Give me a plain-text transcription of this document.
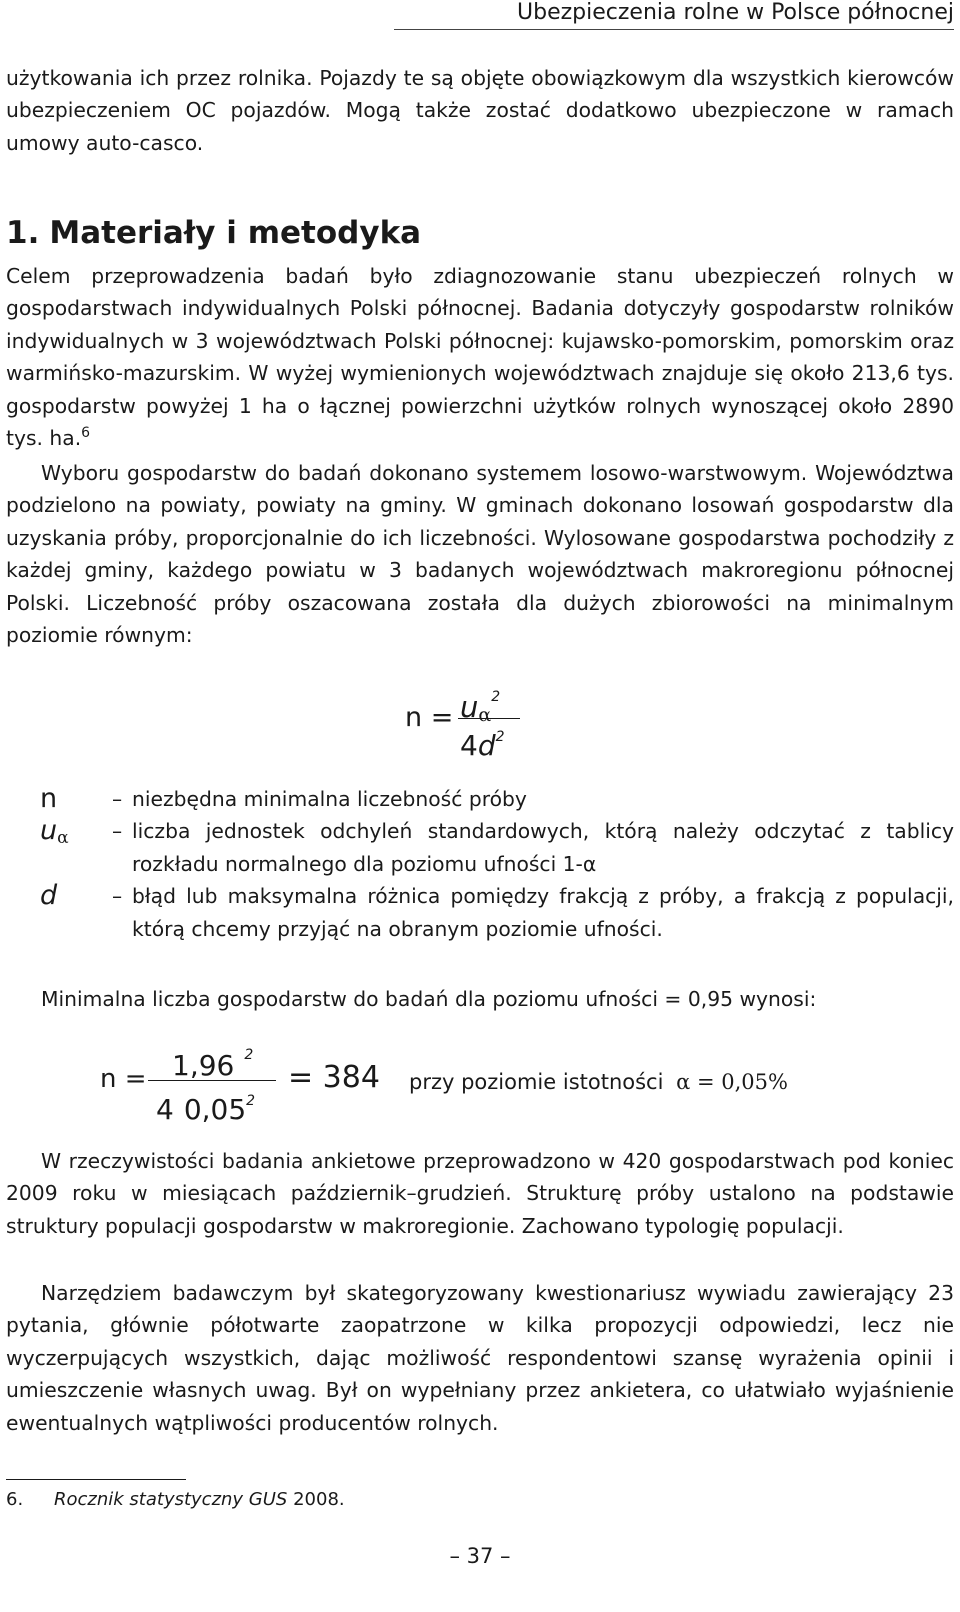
Ubezpieczenia rolne w Polsce północnej

użytkowania ich przez rolnika. Pojazdy te są objęte obowiązkowym dla wszystkich kierowców ubezpieczeniem OC pojazdów. Mogą także zostać dodatkowo ubezpieczone w ramach umowy auto-casco.

1. Materiały i metodyka

Celem przeprowadzenia badań było zdiagnozowanie stanu ubezpieczeń rolnych w gospodarstwach indywidualnych Polski północnej. Badania dotyczyły gospodarstw rolników indywidualnych w 3 województwach Polski północnej: kujawsko-pomorskim, pomorskim oraz warmińsko-mazurskim. W wyżej wymienionych województwach znajduje się około 213,6 tys. gospodarstw powyżej 1 ha o łącznej powierzchni użytków rolnych wynoszącej około 2890 tys. ha.$^6$

Wyboru gospodarstw do badań dokonano systemem losowo-warstwowym. Województwa podzielono na powiaty, powiaty na gminy. W gminach dokonano losowań gospodarstw dla uzyskania próby, proporcjonalnie do ich liczebności. Wylosowane gospodarstwa pochodziły z każdej gminy, każdego powiatu w 3 badanych województwach makroregionu północnej Polski. Liczebność próby oszacowana została dla dużych zbiorowości na minimalnym poziomie równym:

$n = u_\alpha^2$
$4d^2$
n	– niezbędna minimalna liczebność próby
$u_\alpha$ – liczba jednostek odchyleń standardowych, którą należy odczytać z tablicy rozkładu normalnego dla poziomu ufności 1-α
d	– błąd lub maksymalna różnica pomiędzy frakcją z próby, a frakcją z populacji, którą chcemy przyjąć na obranym poziomie ufności.

Minimalna liczba gospodarstw do badań dla poziomu ufności = 0,95 wynosi:

n = 1,96 $^2$
4 $0,05^2$
= 384 przy poziomie istotności α = 0,05%

W rzeczywistości badania ankietowe przeprowadzono w 420 gospodarstwach pod koniec 2009 roku w miesiącach październik–grudzień. Strukturę próby ustalono na podstawie struktury populacji gospodarstw w makroregionie. Zachowano typologię populacji.

Narzędziem badawczym był skategoryzowany kwestionariusz wywiadu zawierający 23 pytania, głównie półotwarte zaopatrzone w kilka propozycji odpowiedzi, lecz nie wyczerpujących wszystkich, dając możliwość respondentowi szansę wyrażenia opinii i umieszczenie własnych uwag. Był on wypełniany przez ankietera, co ułatwiało wyjaśnienie ewentualnych wątpliwości producentów rolnych.

6. Rocznik statystyczny GUS 2008.
– 37 –
